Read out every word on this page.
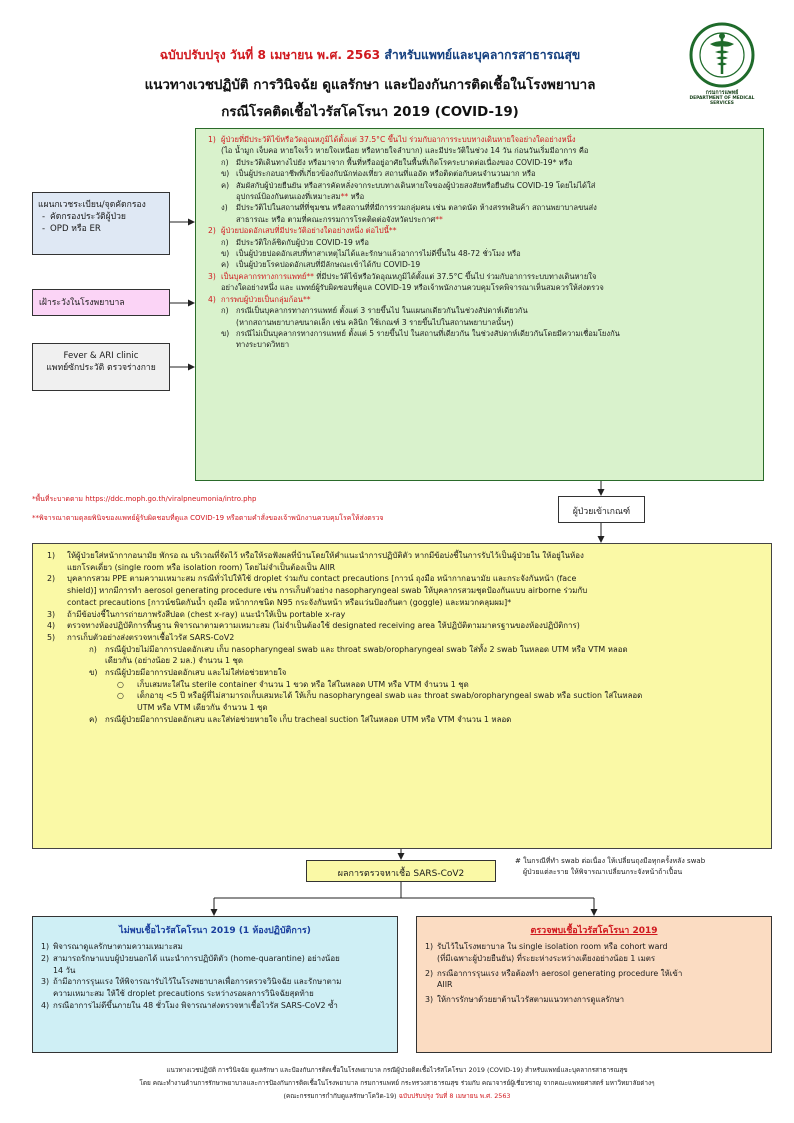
ฉบับปรับปรุง วันที่ 8 เมษายน พ.ศ. 2563 สำหรับแพทย์และบุคลากรสาธารณสุข
แนวทางเวชปฏิบัติ การวินิจฉัย ดูแลรักษา และป้องกันการติดเชื้อในโรงพยาบาล
กรณีโรคติดเชื้อไวรัสโคโรนา 2019 (COVID-19)
กรมการแพทย์
DEPARTMENT OF MEDICAL SERVICES
แผนกเวชระเบียน/จุดคัดกรอง
- คัดกรองประวัติผู้ป่วย
- OPD หรือ ER
เฝ้าระวังในโรงพยาบาล
Fever & ARI clinic
แพทย์ซักประวัติ ตรวจร่างกาย
1) ผู้ป่วยที่มีประวัติไข้หรือวัดอุณหภูมิได้ตั้งแต่ 37.5°C ขึ้นไป ร่วมกับอาการระบบทางเดินหายใจอย่างใดอย่างหนึ่ง
(ไอ น้ำมูก เจ็บคอ หายใจเร็ว หายใจเหนื่อย หรือหายใจลำบาก) และมีประวัติในช่วง 14 วัน ก่อนวันเริ่มมีอาการ คือ
ก) มีประวัติเดินทางไปยัง หรือมาจาก พื้นที่หรืออยู่อาศัยในพื้นที่เกิดโรคระบาดต่อเนื่องของ COVID-19* หรือ
ข) เป็นผู้ประกอบอาชีพที่เกี่ยวข้องกับนักท่องเที่ยว สถานที่แออัด หรือติดต่อกับคนจำนวนมาก หรือ
ค) สัมผัสกับผู้ป่วยยืนยัน หรือสารคัดหลั่งจากระบบทางเดินหายใจของผู้ป่วยสงสัยหรือยืนยัน COVID-19 โดยไม่ได้ใส่
อุปกรณ์ป้องกันตนเองที่เหมาะสม** หรือ
ง) มีประวัติไปในสถานที่ที่ชุมชน หรือสถานที่ที่มีการรวมกลุ่มคน เช่น ตลาดนัด ห้างสรรพสินค้า สถานพยาบาลขนส่ง
สาธารณะ หรือ ตามที่คณะกรรมการโรคติดต่อจังหวัดประกาศ**
2) ผู้ป่วยปอดอักเสบที่มีประวัติอย่างใดอย่างหนึ่ง ต่อไปนี้**
ก) มีประวัติใกล้ชิดกับผู้ป่วย COVID-19 หรือ
ข) เป็นผู้ป่วยปอดอักเสบที่หาสาเหตุไม่ได้และรักษาแล้วอาการไม่ดีขึ้นใน 48-72 ชั่วโมง หรือ
ค) เป็นผู้ป่วยโรคปอดอักเสบที่มีลักษณะเข้าได้กับ COVID-19
3) เป็นบุคลากรทางการแพทย์** ที่มีประวัติไข้หรือวัดอุณหภูมิได้ตั้งแต่ 37.5°C ขึ้นไป ร่วมกับอาการระบบทางเดินหายใจ
อย่างใดอย่างหนึ่ง และ แพทย์ผู้รับผิดชอบที่ดูแล COVID-19 หรือเจ้าพนักงานควบคุมโรคพิจารณาเห็นสมควรให้ส่งตรวจ
4) การพบผู้ป่วยเป็นกลุ่มก้อน**
ก) กรณีเป็นบุคลากรทางการแพทย์ ตั้งแต่ 3 รายขึ้นไป ในแผนกเดียวกันในช่วงสัปดาห์เดียวกัน
(หากสถานพยาบาลขนาดเล็ก เช่น คลินิก ใช้เกณฑ์ 3 รายขึ้นไปในสถานพยาบาลนั้นๆ)
ข) กรณีไม่เป็นบุคลากรทางการแพทย์ ตั้งแต่ 5 รายขึ้นไป ในสถานที่เดียวกัน ในช่วงสัปดาห์เดียวกันโดยมีความเชื่อมโยงกัน
ทางระบาดวิทยา
*พื้นที่ระบาดตาม https://ddc.moph.go.th/viralpneumonia/intro.php
**พิจารณาตามดุลยพินิจของแพทย์ผู้รับผิดชอบที่ดูแล COVID-19 หรือตามคำสั่งของเจ้าพนักงานควบคุมโรคให้ส่งตรวจ
ผู้ป่วยเข้าเกณฑ์
1) ให้ผู้ป่วยใส่หน้ากากอนามัย พักรอ ณ บริเวณที่จัดไว้ หรือให้รอฟังผลที่บ้านโดยให้คำแนะนำการปฏิบัติตัว หากมีข้อบ่งชี้ในการรับไว้เป็นผู้ป่วยใน ให้อยู่ในห้อง
แยกโรคเดี่ยว (single room หรือ isolation room) โดยไม่จำเป็นต้องเป็น AIIR
2) บุคลากรสวม PPE ตามความเหมาะสม กรณีทั่วไปให้ใช้ droplet ร่วมกับ contact precautions [กาวน์ ถุงมือ หน้ากากอนามัย และกระจังกันหน้า (face
shield)] หากมีการทำ aerosol generating procedure เช่น การเก็บตัวอย่าง nasopharyngeal swab ให้บุคลากรสวมชุดป้องกันแบบ airborne ร่วมกับ
contact precautions [กาวน์ชนิดกันน้ำ ถุงมือ หน้ากากชนิด N95 กระจังกันหน้า หรือแว่นป้องกันตา (goggle) และหมวกคลุมผม]*
3) ถ้ามีข้อบ่งชี้ในการถ่ายภาพรังสีปอด (chest x-ray) แนะนำให้เป็น portable x-ray
4) ตรวจทางห้องปฏิบัติการพื้นฐาน พิจารณาตามความเหมาะสม (ไม่จำเป็นต้องใช้ designated receiving area ให้ปฏิบัติตามมาตรฐานของห้องปฏิบัติการ)
5) การเก็บตัวอย่างส่งตรวจหาเชื้อไวรัส SARS-CoV2
ก) กรณีผู้ป่วยไม่มีอาการปอดอักเสบ เก็บ nasopharyngeal swab และ throat swab/oropharyngeal swab ใส่ทั้ง 2 swab ในหลอด UTM หรือ VTM หลอด
เดียวกัน (อย่างน้อย 2 มล.) จำนวน 1 ชุด
ข) กรณีผู้ป่วยมีอาการปอดอักเสบ และไม่ใส่ท่อช่วยหายใจ
○ เก็บเสมหะใส่ใน sterile container จำนวน 1 ขวด หรือ ใส่ในหลอด UTM หรือ VTM จำนวน 1 ชุด
○ เด็กอายุ <5 ปี หรือผู้ที่ไม่สามารถเก็บเสมหะได้ ให้เก็บ nasopharyngeal swab และ throat swab/oropharyngeal swab หรือ suction ใส่ในหลอด
UTM หรือ VTM เดียวกัน จำนวน 1 ชุด
ค) กรณีผู้ป่วยมีอาการปอดอักเสบ และใส่ท่อช่วยหายใจ เก็บ tracheal suction ใส่ในหลอด UTM หรือ VTM จำนวน 1 หลอด
ผลการตรวจหาเชื้อ SARS-CoV2
# ในกรณีที่ทำ swab ต่อเนื่อง ให้เปลี่ยนถุงมือทุกครั้งหลัง swab
ผู้ป่วยแต่ละราย ให้พิจารณาเปลี่ยนกระจังหน้าถ้าเปื้อน
ไม่พบเชื้อไวรัสโคโรนา 2019 (1 ห้องปฏิบัติการ)
1) พิจารณาดูแลรักษาตามความเหมาะสม
2) สามารถรักษาแบบผู้ป่วยนอกได้ แนะนำการปฏิบัติตัว (home-quarantine) อย่างน้อย
14 วัน
3) ถ้ามีอาการรุนแรง ให้พิจารณารับไว้ในโรงพยาบาลเพื่อการตรวจวินิจฉัย และรักษาตาม
ความเหมาะสม ให้ใช้ droplet precautions ระหว่างรอผลการวินิจฉัยสุดท้าย
4) กรณีอาการไม่ดีขึ้นภายใน 48 ชั่วโมง พิจารณาส่งตรวจหาเชื้อไวรัส SARS-CoV2 ซ้ำ
ตรวจพบเชื้อไวรัสโคโรนา 2019
1) รับไว้ในโรงพยาบาล ใน single isolation room หรือ cohort ward
(ที่มีเฉพาะผู้ป่วยยืนยัน) ที่ระยะห่างระหว่างเตียงอย่างน้อย 1 เมตร
2) กรณีอาการรุนแรง หรือต้องทำ aerosol generating procedure ให้เข้า
AIIR
3) ให้การรักษาด้วยยาต้านไวรัสตามแนวทางการดูแลรักษา
แนวทางเวชปฏิบัติ การวินิจฉัย ดูแลรักษา และป้องกันการติดเชื้อในโรงพยาบาล กรณีผู้ป่วยติดเชื้อไวรัสโคโรนา 2019 (COVID-19) สำหรับแพทย์และบุคลากรสาธารณสุข
โดย คณะทำงานด้านการรักษาพยาบาลและการป้องกันการติดเชื้อในโรงพยาบาล กรมการแพทย์ กระทรวงสาธารณสุข ร่วมกับ คณาจารย์ผู้เชี่ยวชาญ จากคณะแพทยศาสตร์ มหาวิทยาลัยต่างๆ
(คณะกรรมการกำกับดูแลรักษาโควิด-19) ฉบับปรับปรุง วันที่ 8 เมษายน พ.ศ. 2563
